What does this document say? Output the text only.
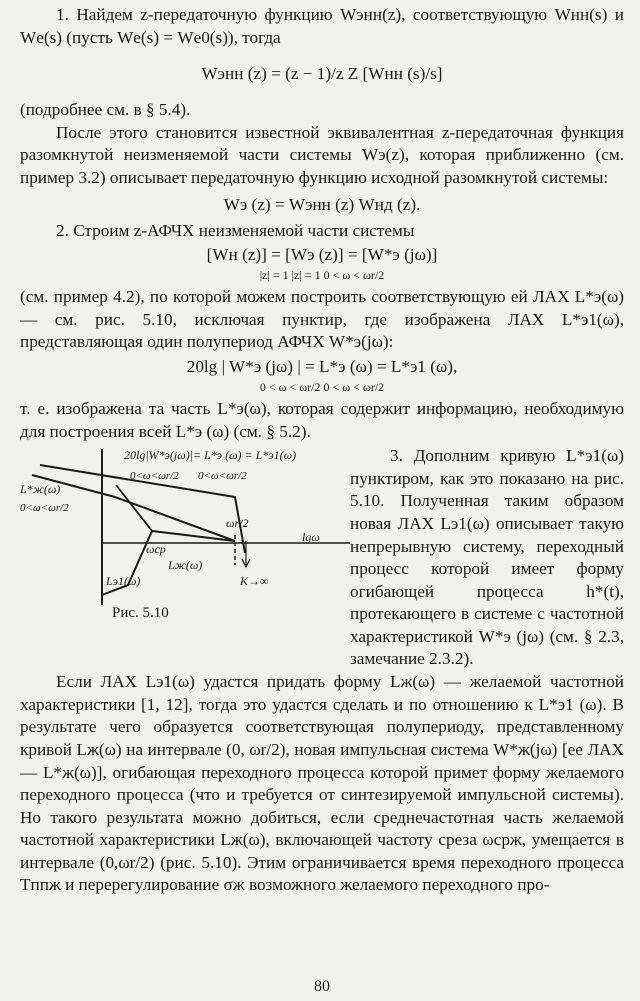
1. Найдем z-передаточную функцию Wэнн(z), соответствующую Wнн(s) и Wе(s) (пусть Wе(s) = Wе0(s)), тогда

Wэнн (z) = (z − 1)/z Z [Wнн (s)/s]

(подробнее см. в § 5.4).

После этого становится известной эквивалентная z-передаточная функция разомкнутой неизменяемой части системы Wэ(z), которая приближенно (см. пример 3.2) описывает передаточную функцию исходной разомкнутой системы:

Wэ (z) = Wэнн (z) Wнд (z).

2. Строим z-АФЧХ неизменяемой части системы

[Wн (z)] = [Wэ (z)] = [W*э (jω)]
|z| = 1 |z| = 1 0 < ω < ωr/2

(см. пример 4.2), по которой можем построить соответствующую ей ЛАХ L*э(ω) — см. рис. 5.10, исключая пунктир, где изображена ЛАХ L*э1(ω), представляющая один полупериод АФЧХ W*э(jω):

20lg | W*э (jω) | = L*э (ω) = L*э1 (ω),
0 < ω < ωr/2 0 < ω < ωr/2

т. е. изображена та часть L*э(ω), которая содержит информацию, необходимую для построения всей L*э (ω) (см. § 5.2).

20lg|W*э(jω)|= L*э (ω) = L*э1(ω)
0<ω<ωr/2 0<ω<ωr/2
L*ж(ω)
0<ω<ωr/2
ωr/2
lgω
ωср
Lж(ω)
Lэ1(ω)	K→∞
Рис. 5.10
3. Дополним кривую L*э1(ω) пунктиром, как это показано на рис. 5.10. Полученная таким образом новая ЛАХ Lэ1(ω) описывает такую непрерывную систему, переходный процесс которой имеет форму огибающей процесса h*(t), протекающего в системе с частотной характеристикой W*э (jω) (см. § 2.3, замечание 2.3.2).

Если ЛАХ Lэ1(ω) удастся придать форму Lж(ω) — желаемой частотной характеристики [1, 12], тогда это удастся сделать и по отношению к L*э1 (ω). В результате чего образуется соответствующая полупериоду, представленному кривой Lж(ω) на интервале (0, ωr/2), новая импульсная система W*ж(jω) [ее ЛАХ — L*ж(ω)], огибающая переходного процесса которой примет форму желаемого переходного процесса (что и требуется от синтезируемой импульсной системы). Но такого результата можно добиться, если среднечастотная часть желаемой частотной характеристики Lж(ω), включающей частоту среза ωсрж, умещается в интервале (0,ωr/2) (рис. 5.10). Этим ограничивается время переходного процесса Tппж и перерегулирование σж возможного желаемого переходного про-

80
